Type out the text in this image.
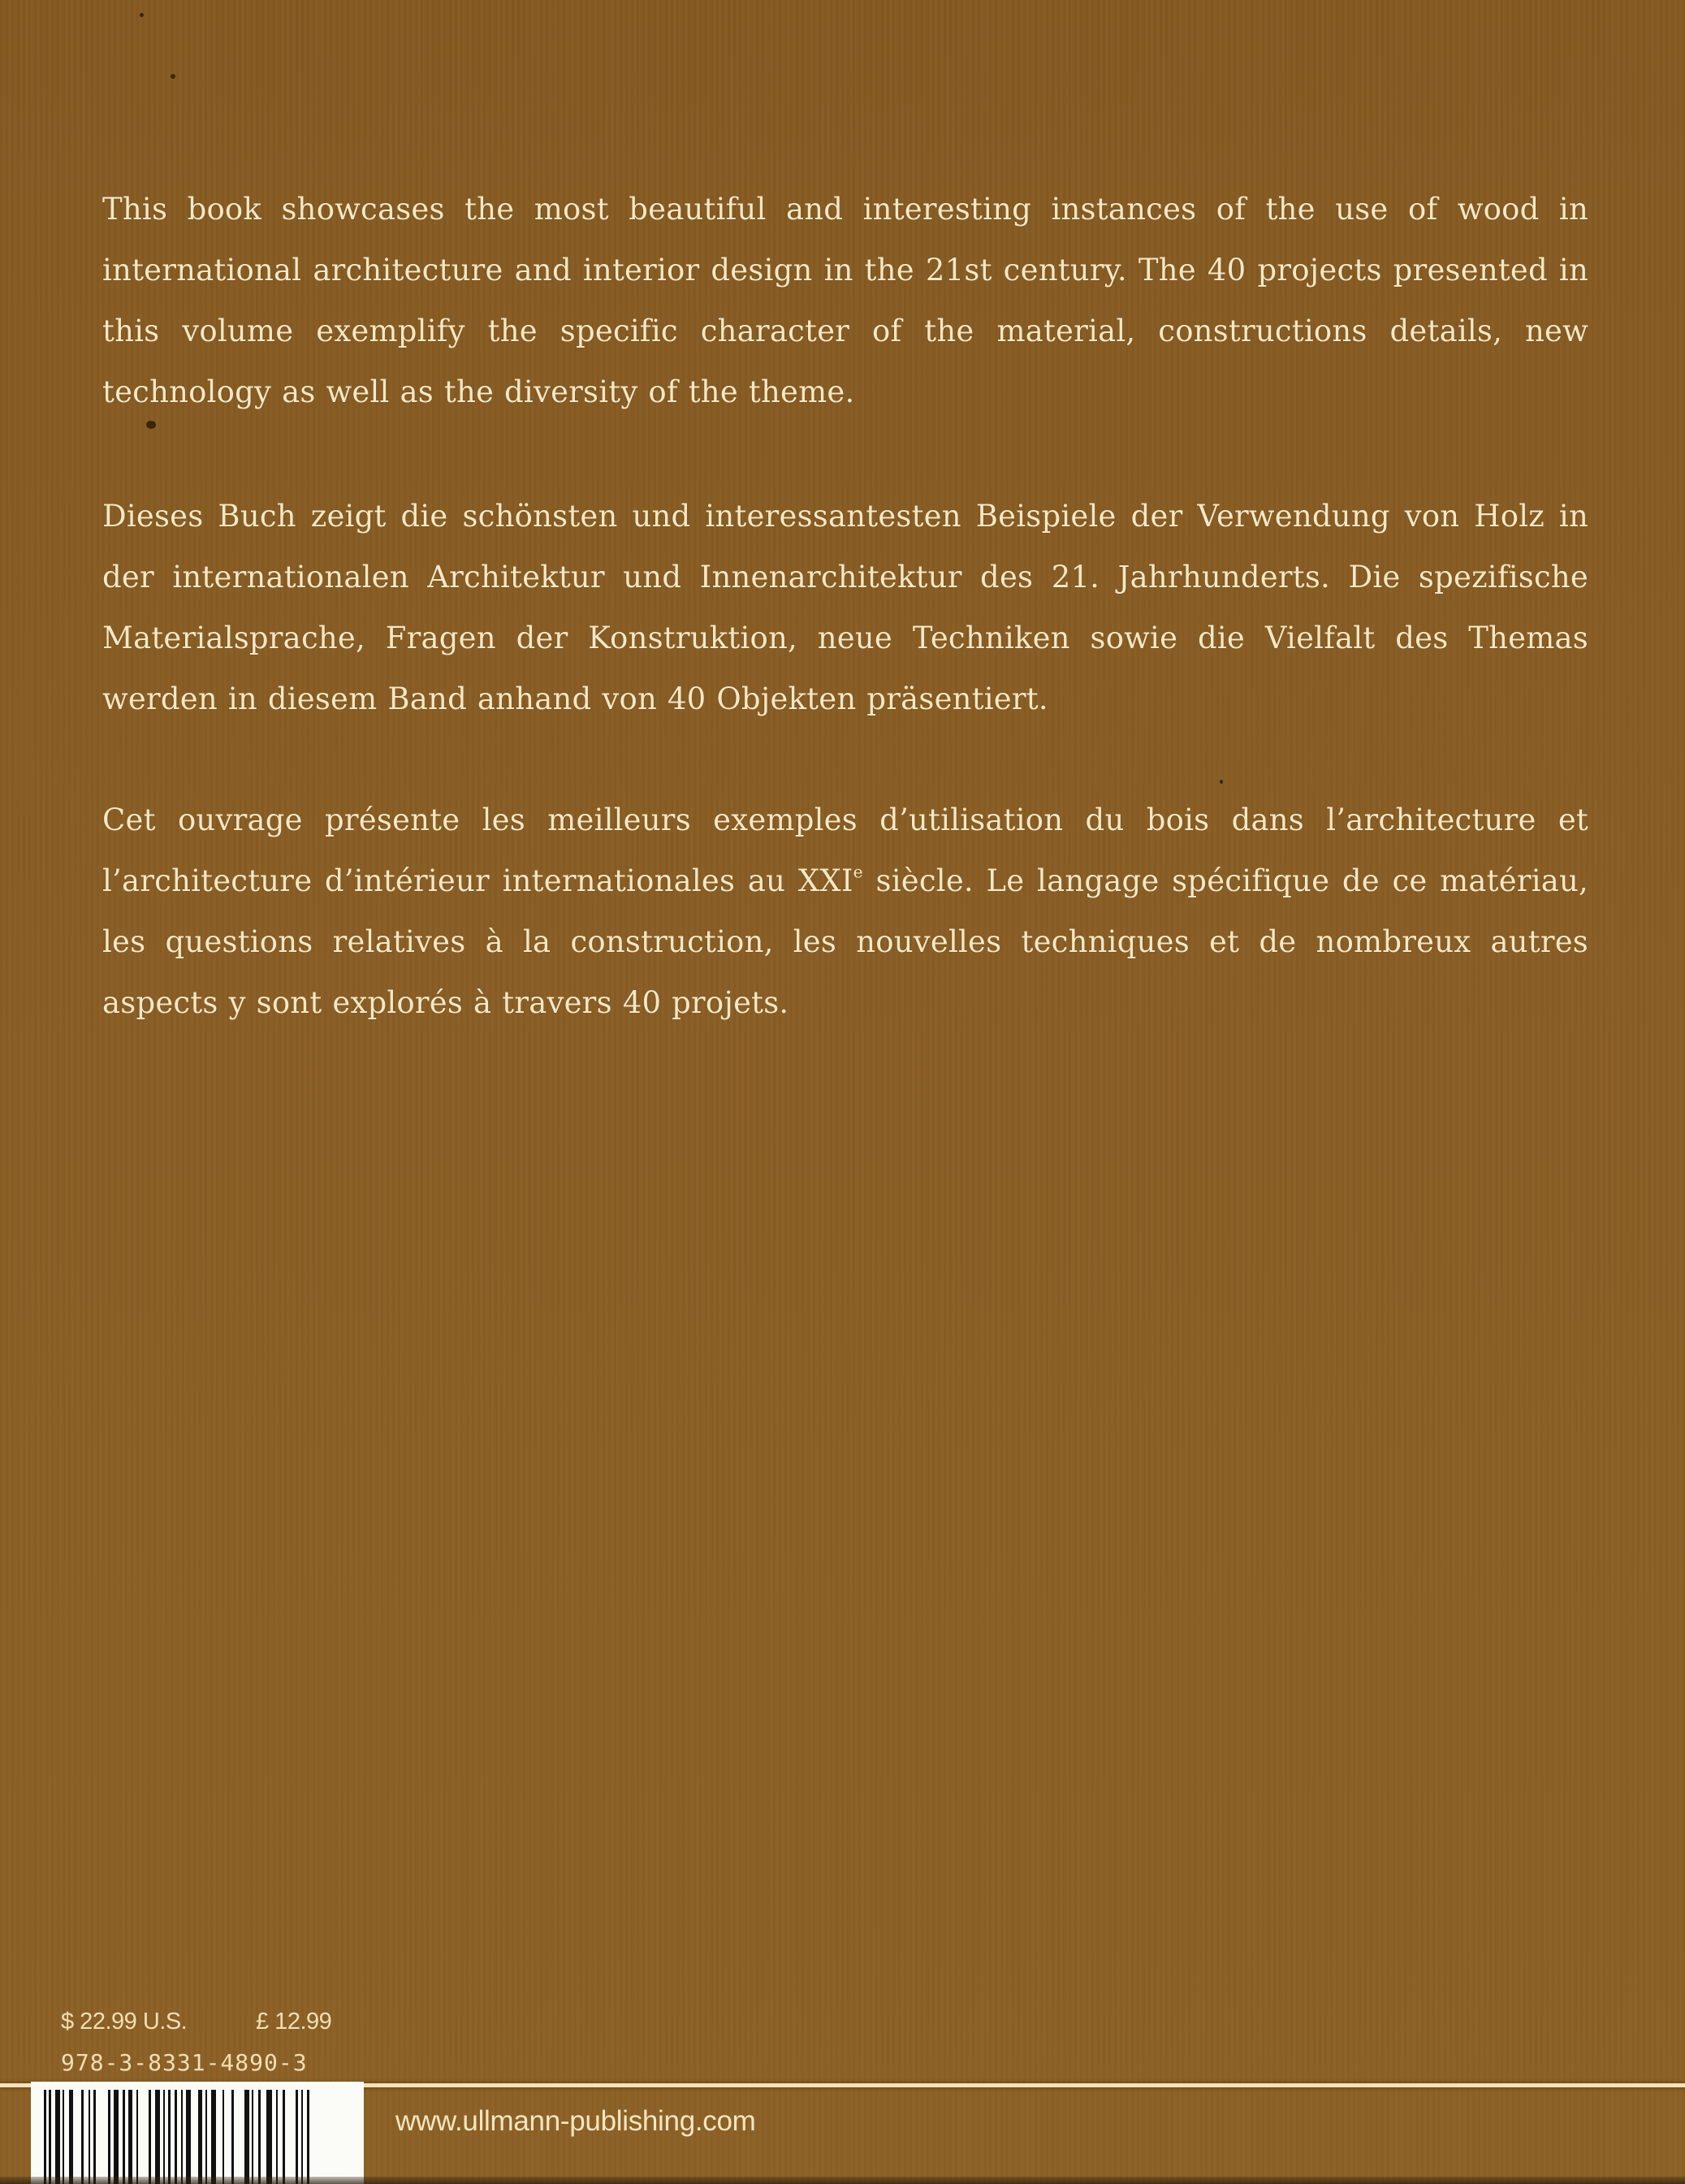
This book showcases the most beautiful and interesting instances of the use of wood in international architecture and interior design in the 21st century. The 40 projects presented in this volume exemplify the specific character of the material, constructions details, new technology as well as the diversity of the theme.

Dieses Buch zeigt die schönsten und interessantesten Beispiele der Verwendung von Holz in der internationalen Architektur und Innenarchitektur des 21. Jahrhunderts. Die spezifische Materialsprache, Fragen der Konstruktion, neue Techniken sowie die Vielfalt des Themas werden in diesem Band anhand von 40 Objekten präsentiert.

Cet ouvrage présente les meilleurs exemples d’utilisation du bois dans l’architecture et l’architecture d’intérieur internationales au XXIe siècle. Le langage spécifique de ce matériau, les questions relatives à la construction, les nouvelles techniques et de nombreux autres aspects y sont explorés à travers 40 projets.

$ 22.99 U.S.	£ 12.99
978-3-8331-4890-3
www.ullmann-publishing.com
